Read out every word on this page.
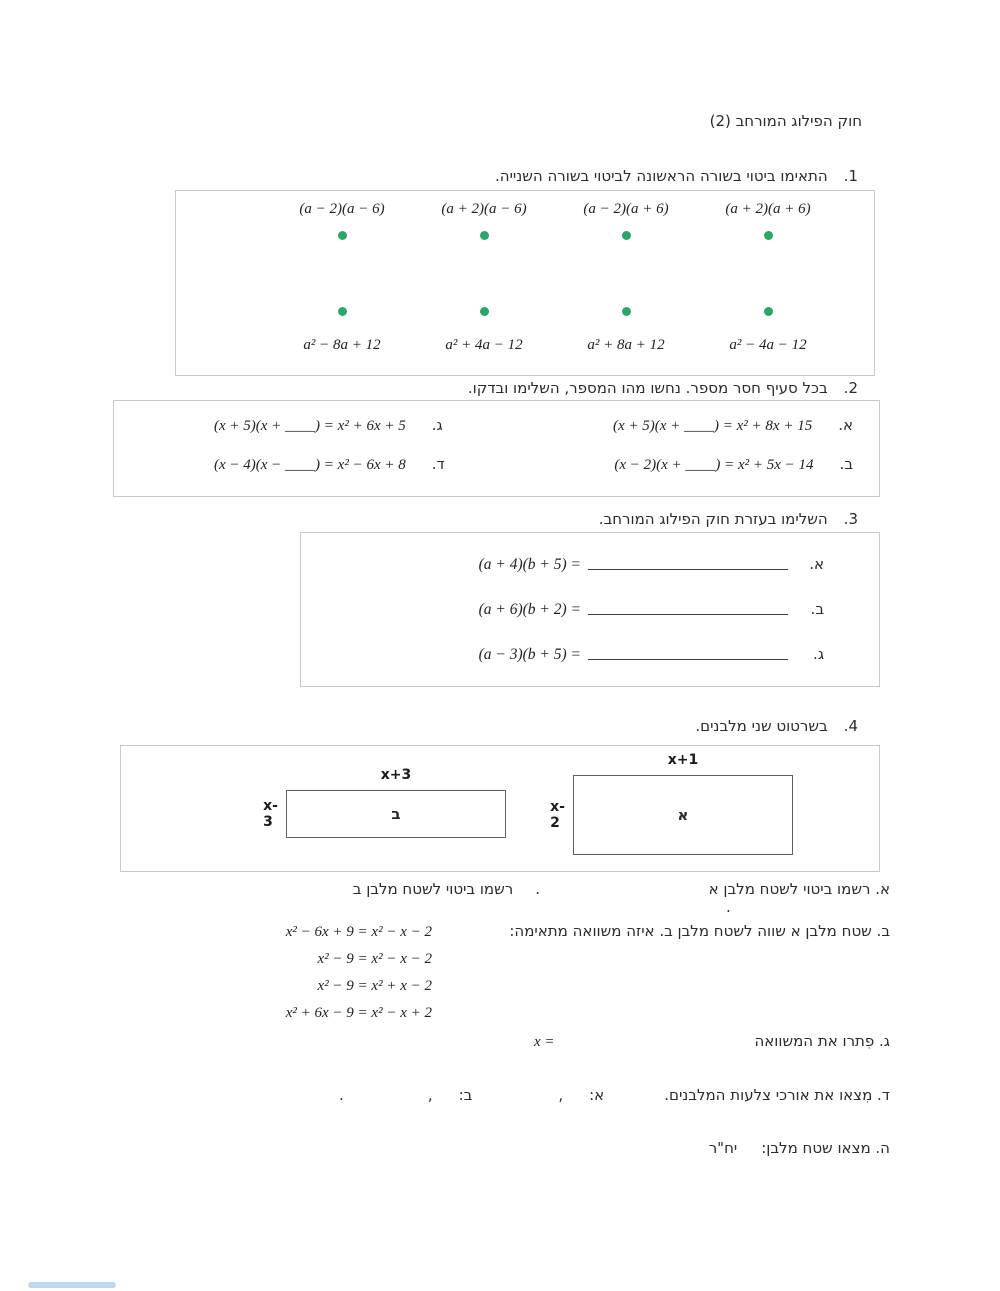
חוק הפילוג המורחב (2)
1.
התאימו ביטוי בשורה הראשונה לביטוי בשורה השנייה.
(a − 2)(a − 6)	(a + 2)(a − 6)	(a − 2)(a + 6)	(a + 2)(a + 6)
a² − 8a + 12	a² + 4a − 12	a² + 8a + 12	a² − 4a − 12
2.
בכל סעיף חסר מספר. נחשו מהו המספר, השלימו ובדקו.
א.
(x + 5)(x + ____) = x² + 8x + 15
ג.
(x + 5)(x + ____) = x² + 6x + 5
ב.
(x − 2)(x + ____) = x² + 5x − 14
ד.
(x − 4)(x − ____) = x² − 6x + 8
3.
השלימו בעזרת חוק הפילוג המורחב.
(a + 4)(b + 5) =	א.
(a + 6)(b + 2) =	ב.
(a − 3)(b + 5) =	ג.
4.
בשרטוט שני מלבנים.
x+3
ב
x-3
x+1
א
x-2
א. רשמו ביטוי לשטח מלבן א
.
רשמו ביטוי לשטח מלבן ב
.
ב. שטח מלבן א שווה לשטח מלבן ב. איזה משוואה מתאימה:
x² − 6x + 9 = x² − x − 2
x² − 9 = x² − x − 2
x² − 9 = x² + x − 2
x² + 6x − 9 = x² − x + 2
ג. פִתרו את המשוואה
x =
ד. מִצאו את אורכי צלעות המלבנים.
א:
,
ב:
,
.
ה. מצאו שטח מלבן:
יח"ר
